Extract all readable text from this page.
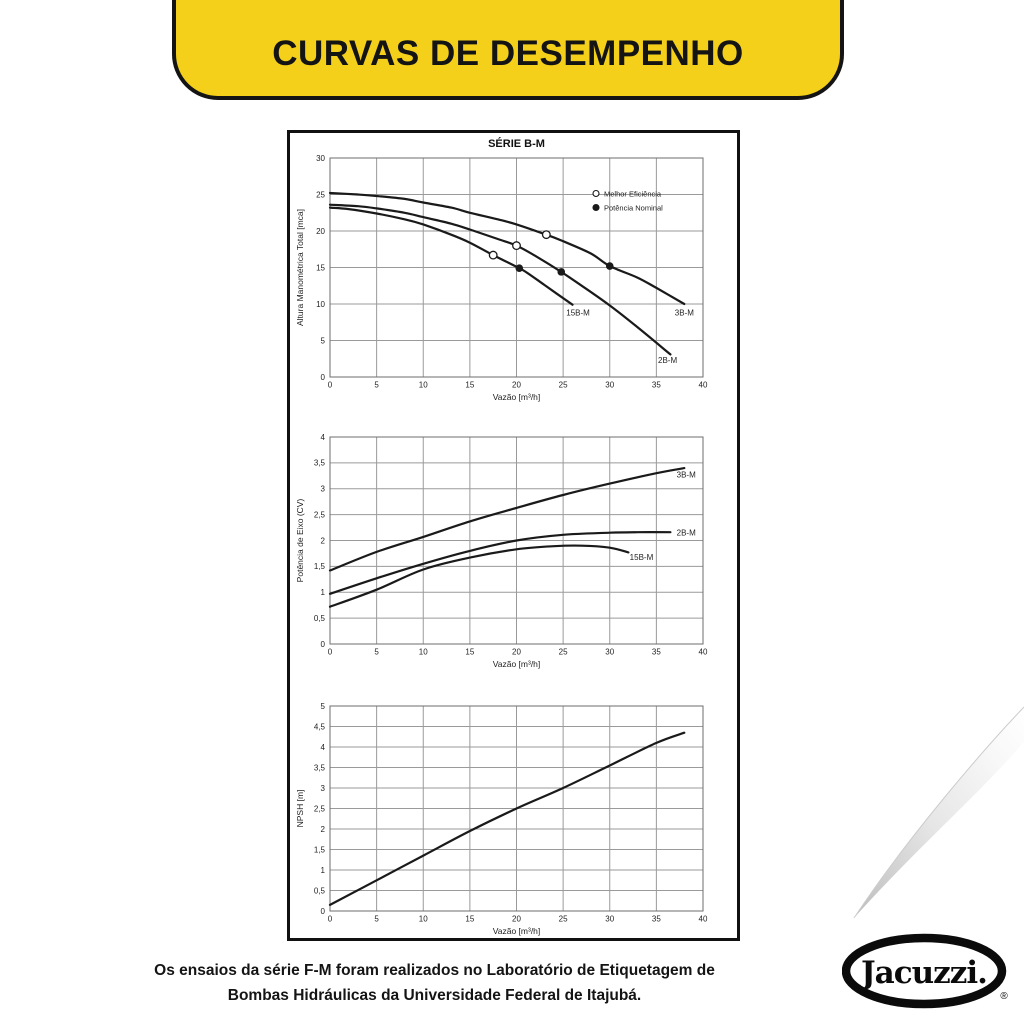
CURVAS DE DESEMPENHO
0	5	10	15	20	25	30	35	40
0
5
10
15
20
25
30
Vazão [m³/h]
Altura Manométrica Total [mca]
SÉRIE B-M
15B-M
2B-M
3B-M
Melhor Eficiência
Potência Nominal
0	5	10	15	20	25	30	35	40
0
0,5
1
1,5
2
2,5
3
3,5
4
Vazão [m³/h]
Potência de Eixo (CV)
3B-M
2B-M
15B-M
0	5	10	15	20	25	30	35	40
0
0,5
1
1,5
2
2,5
3
3,5
4
4,5
5
Vazão [m³/h]
NPSH [m]
Os ensaios da série F-M foram realizados no Laboratório de Etiquetagem de
Bombas Hidráulicas da Universidade Federal de Itajubá.
Jacuzzi.
®
